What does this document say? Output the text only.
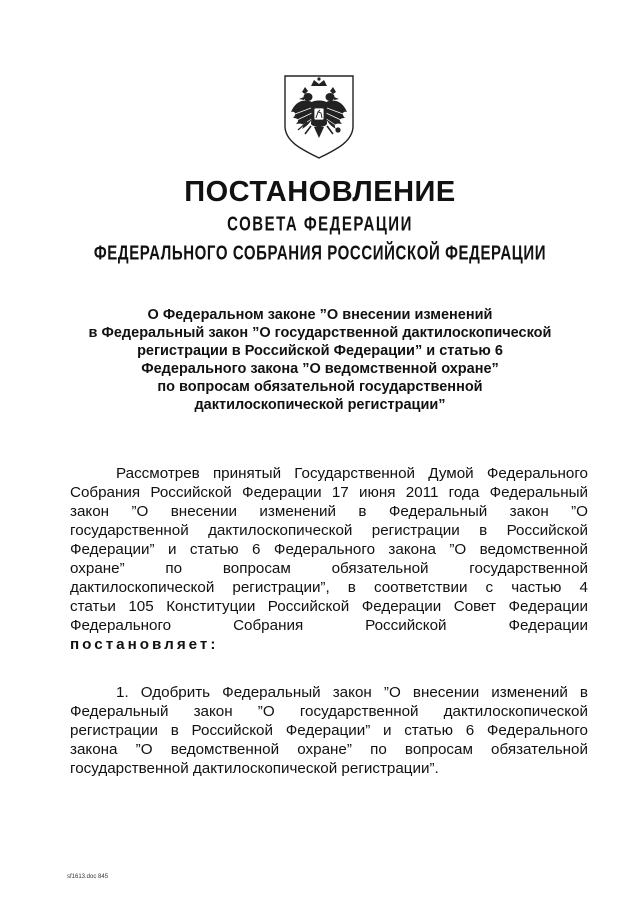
ПОСТАНОВЛЕНИЕ
СОВЕТА ФЕДЕРАЦИИ
ФЕДЕРАЛЬНОГО СОБРАНИЯ РОССИЙСКОЙ ФЕДЕРАЦИИ
О Федеральном законе ”О внесении изменений
в Федеральный закон ”О государственной дактилоскопической
регистрации в Российской Федерации” и статью 6
Федерального закона ”О ведомственной охране”
по вопросам обязательной государственной
дактилоскопической регистрации”
Рассмотрев принятый Государственной Думой Федерального
Собрания Российской Федерации 17 июня 2011 года Федеральный
закон ”О внесении изменений в Федеральный закон ”О
государственной дактилоскопической регистрации в Российской
Федерации” и статью 6 Федерального закона ”О ведомственной
охране” по вопросам обязательной государственной
дактилоскопической регистрации”, в соответствии с частью 4
статьи 105 Конституции Российской Федерации Совет Федерации
Федерального Собрания Российской Федерации
постановляет:
1. Одобрить Федеральный закон ”О внесении изменений в
Федеральный закон ”О государственной дактилоскопической
регистрации в Российской Федерации” и статью 6 Федерального
закона ”О ведомственной охране” по вопросам обязательной
государственной дактилоскопической регистрации”.
sf1613.doc 845
